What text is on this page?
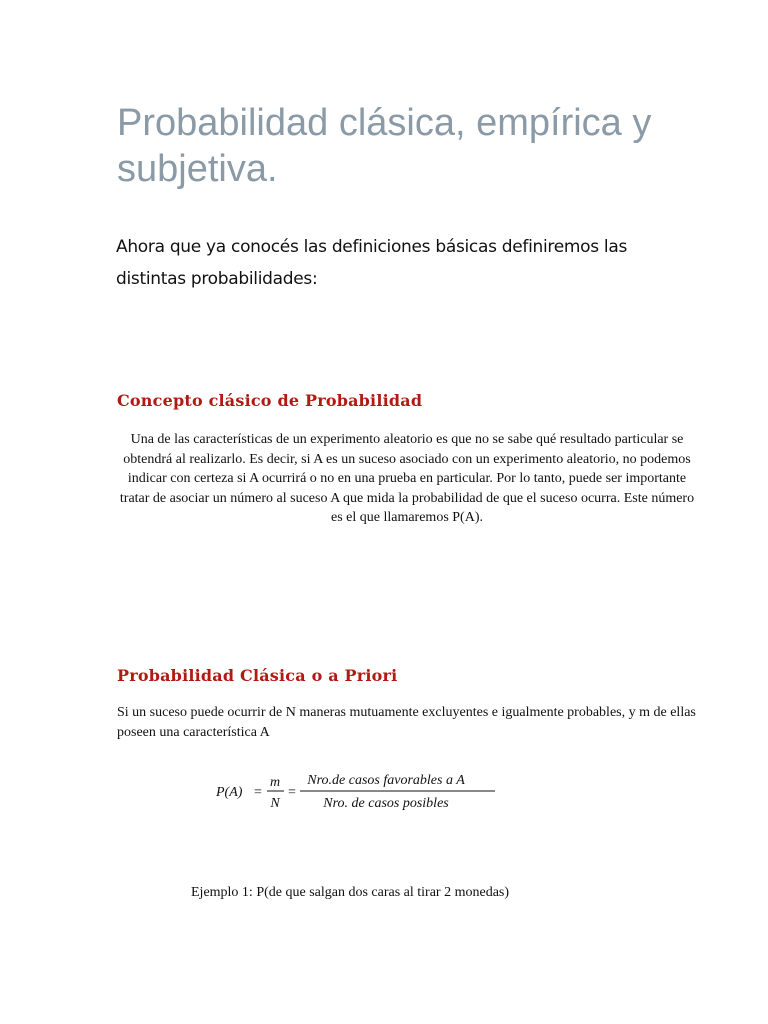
Probabilidad clásica, empírica y subjetiva.

Ahora que ya conocés las definiciones básicas definiremos las distintas probabilidades:

Concepto clásico de Probabilidad

Una de las características de un experimento aleatorio es que no se sabe qué resultado particular se obtendrá al realizarlo. Es decir, si A es un suceso asociado con un experimento aleatorio, no podemos indicar con certeza si A ocurrirá o no en una prueba en particular. Por lo tanto, puede ser importante tratar de asociar un número al suceso A que mida la probabilidad de que el suceso ocurra. Este número es el que llamaremos P(A).

Probabilidad Clásica o a Priori

Si un suceso puede ocurrir de N maneras mutuamente excluyentes e igualmente probables, y m de ellas poseen una característica A

P(A) =
m
N
=
Nro.de casos favorables a A
Nro. de casos posibles

Ejemplo 1: P(de que salgan dos caras al tirar 2 monedas)
